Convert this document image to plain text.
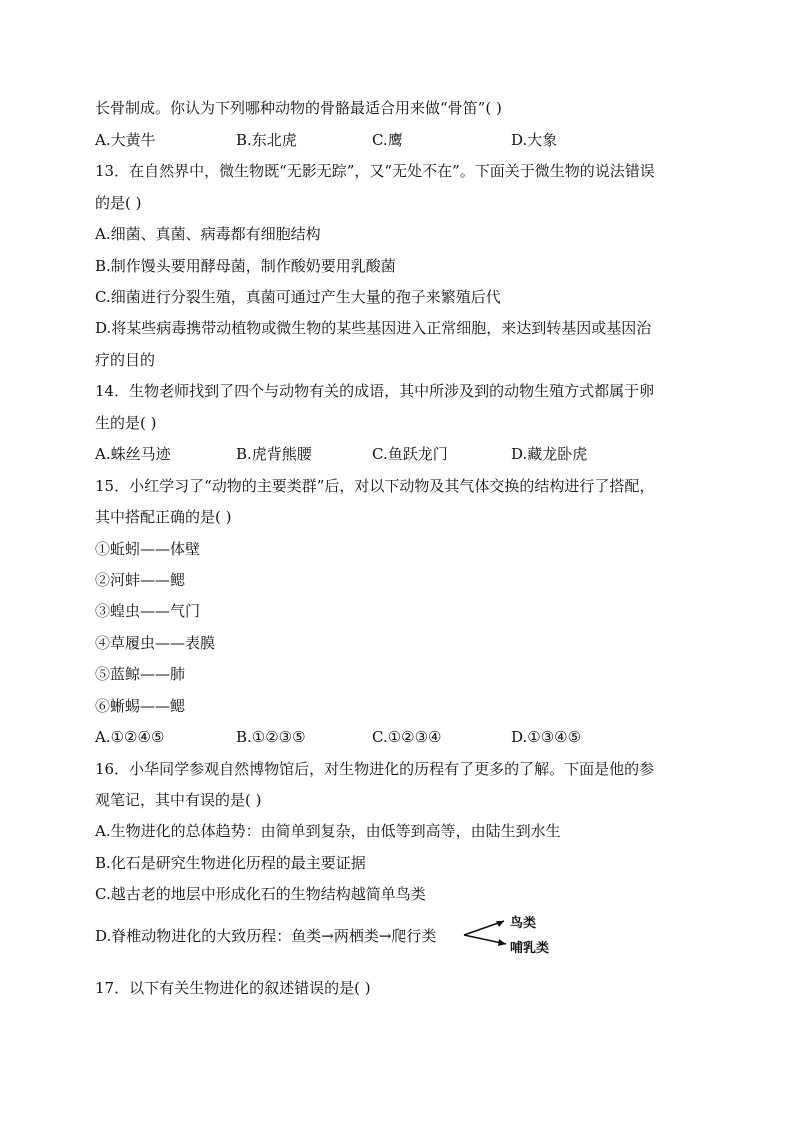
长骨制成。你认为下列哪种动物的骨骼最适合用来做“骨笛”( )
A.大黄牛	B.东北虎	C.鹰	D.大象
13．在自然界中，微生物既“无影无踪”，又“无处不在”。下面关于微生物的说法错误
的是( )
A.细菌、真菌、病毒都有细胞结构
B.制作馒头要用酵母菌，制作酸奶要用乳酸菌
C.细菌进行分裂生殖，真菌可通过产生大量的孢子来繁殖后代
D.将某些病毒携带动植物或微生物的某些基因进入正常细胞，来达到转基因或基因治
疗的目的
14．生物老师找到了四个与动物有关的成语，其中所涉及到的动物生殖方式都属于卵
生的是( )
A.蛛丝马迹	B.虎背熊腰	C.鱼跃龙门	D.藏龙卧虎
15．小红学习了“动物的主要类群”后，对以下动物及其气体交换的结构进行了搭配，
其中搭配正确的是( )
①蚯蚓——体壁
②河蚌——鳃
③蝗虫——气门
④草履虫——表膜
⑤蓝鲸——肺
⑥蜥蜴——鳃
A.①②④⑤	B.①②③⑤	C.①②③④	D.①③④⑤
16．小华同学参观自然博物馆后，对生物进化的历程有了更多的了解。下面是他的参
观笔记，其中有误的是( )
A.生物进化的总体趋势：由简单到复杂，由低等到高等，由陆生到水生
B.化石是研究生物进化历程的最主要证据
C.越古老的地层中形成化石的生物结构越简单鸟类
D.脊椎动物进化的大致历程：鱼类→两栖类→爬行类
鸟类
哺乳类
17．以下有关生物进化的叙述错误的是( )
